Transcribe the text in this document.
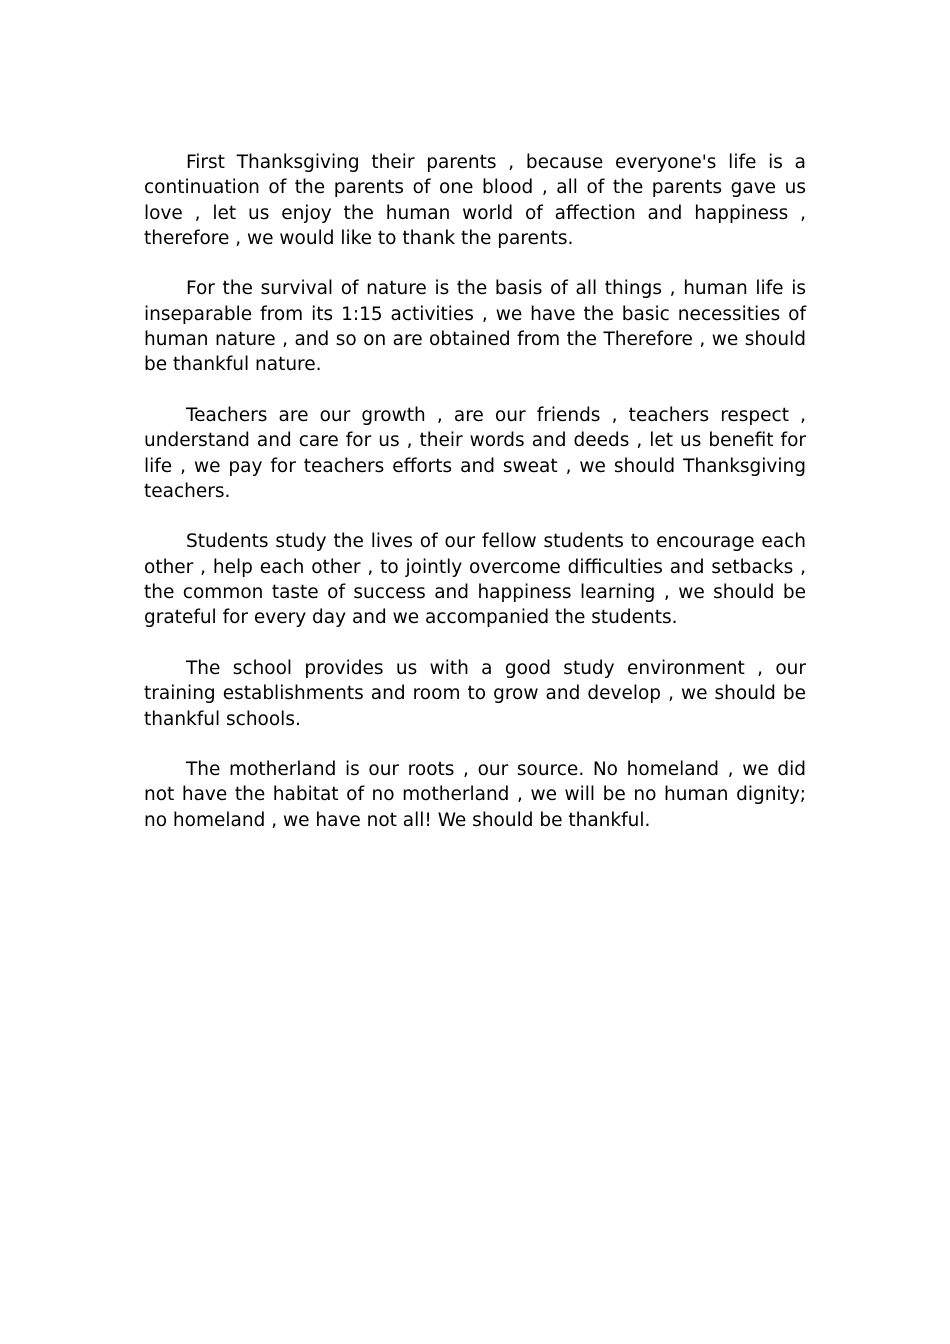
First Thanksgiving their parents , because everyone's life is a continuation of the parents of one blood , all of the parents gave us love , let us enjoy the human world of affection and happiness , therefore , we would like to thank the parents.

For the survival of nature is the basis of all things , human life is inseparable from its 1:15 activities , we have the basic necessities of human nature , and so on are obtained from the Therefore , we should be thankful nature.

Teachers are our growth , are our friends , teachers respect , understand and care for us , their words and deeds , let us benefit for life , we pay for teachers efforts and sweat , we should Thanksgiving teachers.

Students study the lives of our fellow students to encourage each other , help each other , to jointly overcome difficulties and setbacks , the common taste of success and happiness learning , we should be grateful for every day and we accompanied the students.

The school provides us with a good study environment , our training establishments and room to grow and develop , we should be thankful schools.

The motherland is our roots , our source. No homeland , we did not have the habitat of no motherland , we will be no human dignity; no homeland , we have not all! We should be thankful.
